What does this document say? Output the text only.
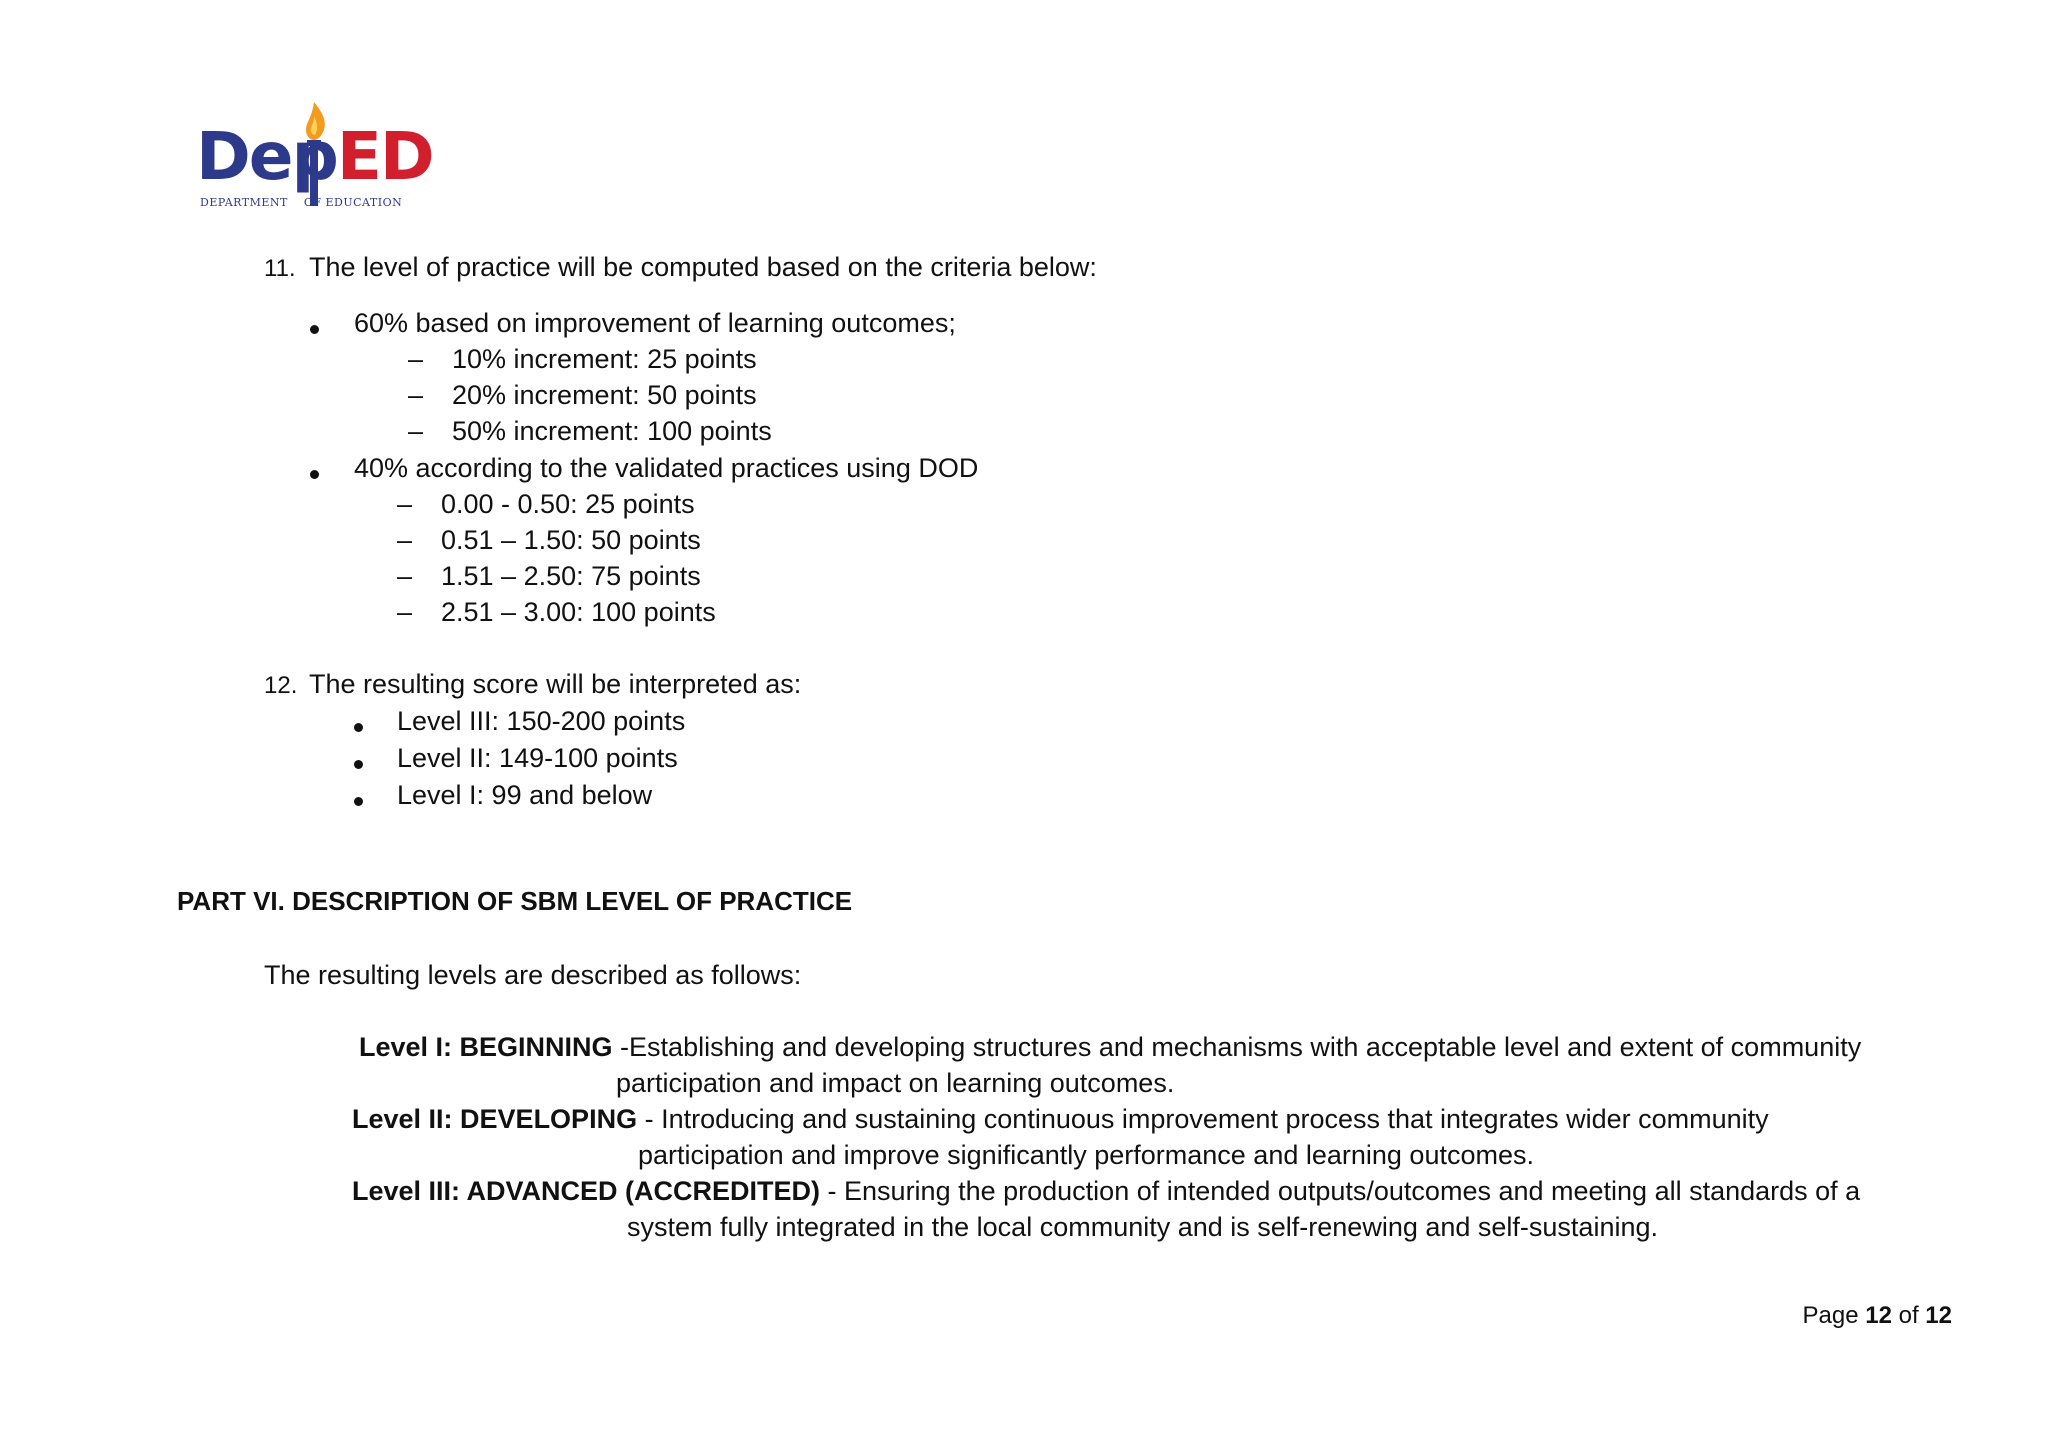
DepED
DEPARTMENT OF EDUCATION
11. The level of practice will be computed based on the criteria below:
60% based on improvement of learning outcomes;
– 10% increment: 25 points
– 20% increment: 50 points
– 50% increment: 100 points
40% according to the validated practices using DOD
– 0.00 - 0.50: 25 points
– 0.51 – 1.50: 50 points
– 1.51 – 2.50: 75 points
– 2.51 – 3.00: 100 points
12. The resulting score will be interpreted as:
Level III: 150-200 points
Level II: 149-100 points
Level I: 99 and below
PART VI. DESCRIPTION OF SBM LEVEL OF PRACTICE
The resulting levels are described as follows:
Level I: BEGINNING -Establishing and developing structures and mechanisms with acceptable level and extent of community
participation and impact on learning outcomes.
Level II: DEVELOPING - Introducing and sustaining continuous improvement process that integrates wider community
participation and improve significantly performance and learning outcomes.
Level III: ADVANCED (ACCREDITED) - Ensuring the production of intended outputs/outcomes and meeting all standards of a
system fully integrated in the local community and is self-renewing and self-sustaining.
Page 12 of 12
